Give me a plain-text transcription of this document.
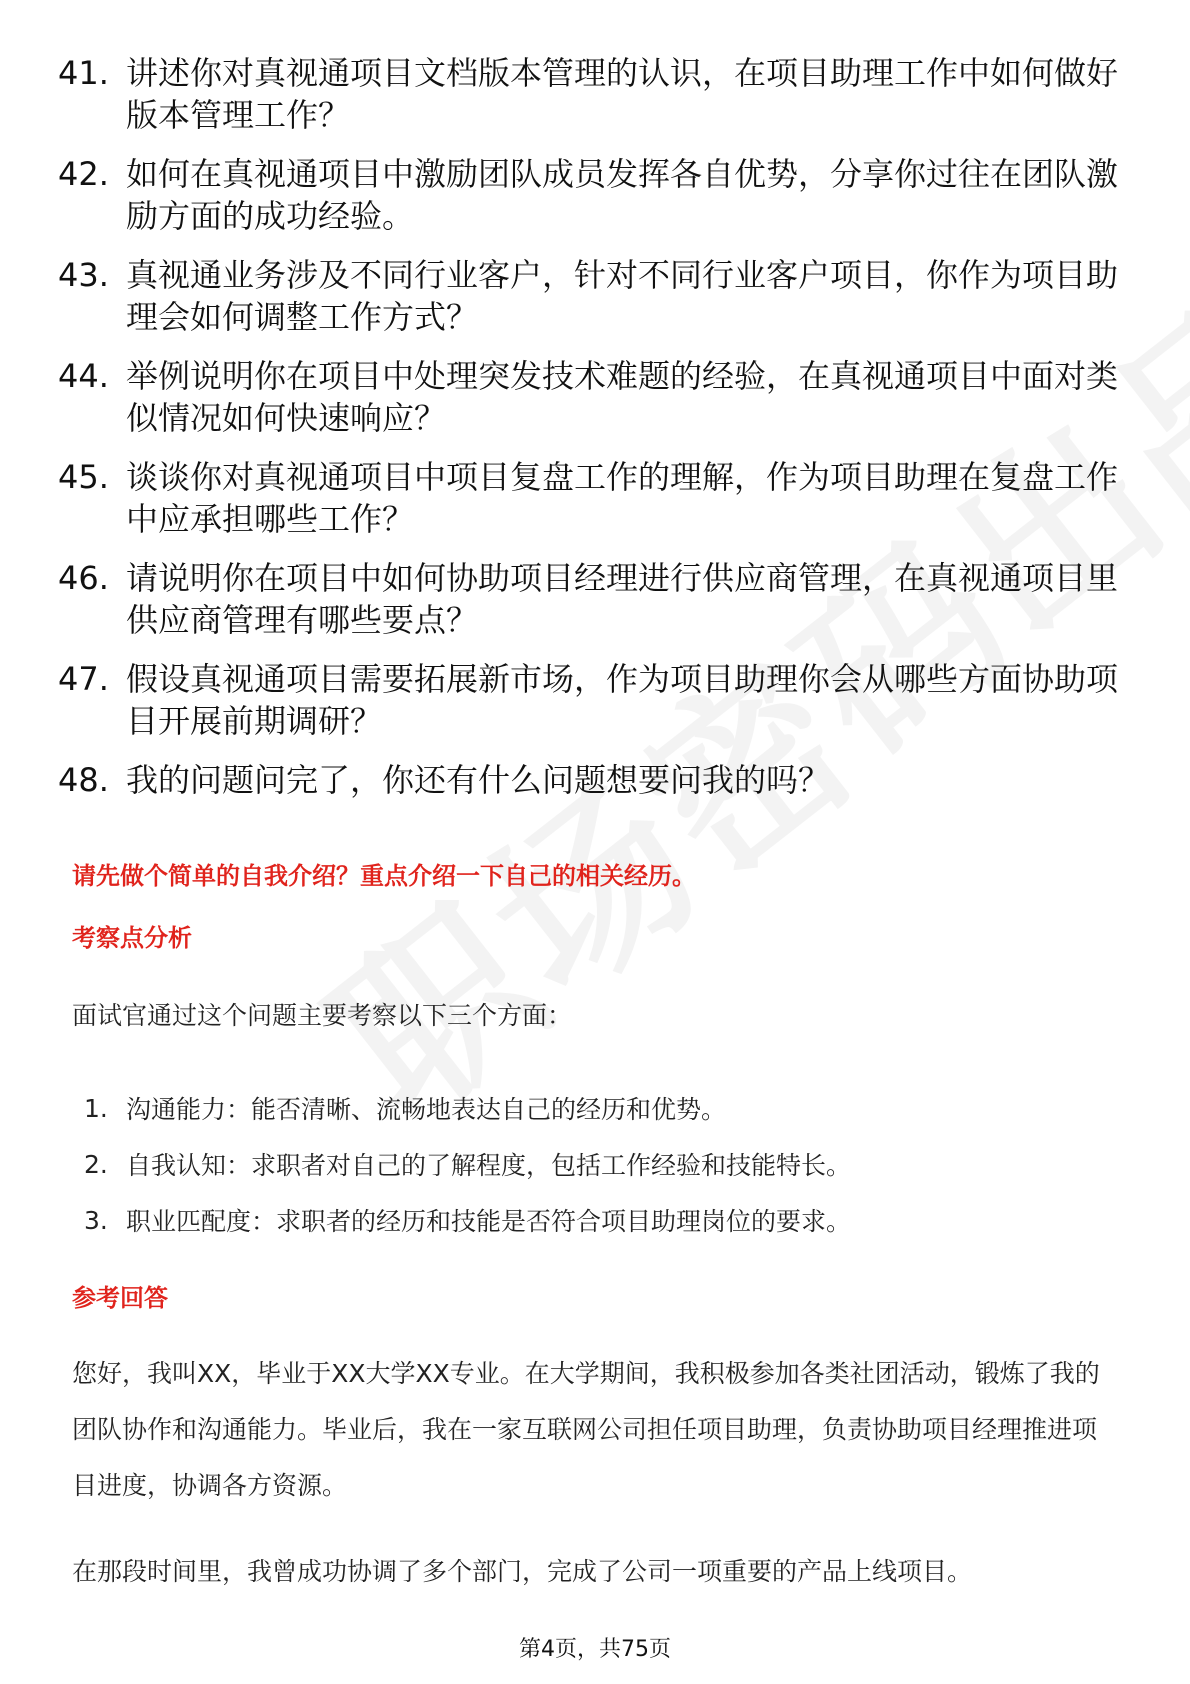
41. 讲述你对真视通项目文档版本管理的认识，在项目助理工作中如何做好版本管理工作？
42. 如何在真视通项目中激励团队成员发挥各自优势，分享你过往在团队激励方面的成功经验。
43. 真视通业务涉及不同行业客户，针对不同行业客户项目，你作为项目助理会如何调整工作方式？
44. 举例说明你在项目中处理突发技术难题的经验，在真视通项目中面对类似情况如何快速响应？
45. 谈谈你对真视通项目中项目复盘工作的理解，作为项目助理在复盘工作中应承担哪些工作？
46. 请说明你在项目中如何协助项目经理进行供应商管理，在真视通项目里供应商管理有哪些要点？
47. 假设真视通项目需要拓展新市场，作为项目助理你会从哪些方面协助项目开展前期调研？
48. 我的问题问完了，你还有什么问题想要问我的吗？
请先做个简单的自我介绍？重点介绍一下自己的相关经历。
考察点分析
面试官通过这个问题主要考察以下三个方面：
1. 沟通能力：能否清晰、流畅地表达自己的经历和优势。
2. 自我认知：求职者对自己的了解程度，包括工作经验和技能特长。
3. 职业匹配度：求职者的经历和技能是否符合项目助理岗位的要求。
参考回答
您好，我叫XX，毕业于XX大学XX专业。在大学期间，我积极参加各类社团活动，锻炼了我的团队协作和沟通能力。毕业后，我在一家互联网公司担任项目助理，负责协助项目经理推进项目进度，协调各方资源。
在那段时间里，我曾成功协调了多个部门，完成了公司一项重要的产品上线项目。
第4页，共75页
